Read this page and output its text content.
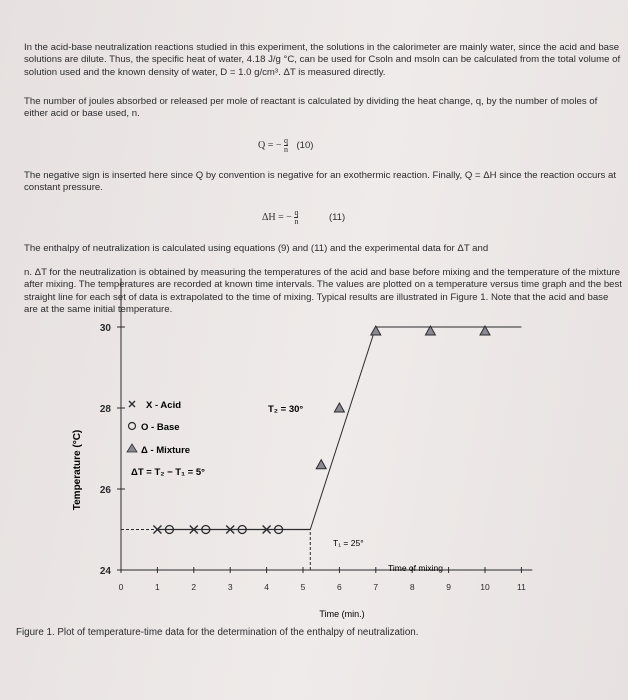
In the acid-base neutralization reactions studied in this experiment, the solutions in the calorimeter are mainly water, since the acid and base solutions are dilute. Thus, the specific heat of water, 4.18 J/g °C, can be used for Csoln and msoln can be calculated from the total volume of solution used and the known density of water, D = 1.0 g/cm³. ΔT is measured directly.
The number of joules absorbed or released per mole of reactant is calculated by dividing the heat change, q, by the number of moles of either acid or base used, n.
Q = − $\frac{q}{n} (10)$
The negative sign is inserted here since Q by convention is negative for an exothermic reaction. Finally, Q = ΔH since the reaction occurs at constant pressure.
ΔH = − $\frac{q}{n}$	(11)
The enthalpy of neutralization is calculated using equations (9) and (11) and the experimental data for ΔT and
n. ΔT for the neutralization is obtained by measuring the temperatures of the acid and base before mixing and the temperature of the mixture after mixing. The temperatures are recorded at known time intervals. The values are plotted on a temperature versus time graph and the best straight line for each set of data is extrapolated to the time of mixing. Typical results are illustrated in Figure 1. Note that the acid and base are at the same initial temperature.
24
26
28
30
0	1	2	3	4	5	6	7	8	9	10	11
Temperature (°C)
Time (min.)
X - Acid
O - Base
Δ - Mixture
ΔT = T₂ − T₁ = 5°
T₂ = 30°
T₁ = 25°
Time of mixing
Figure 1. Plot of temperature-time data for the determination of the enthalpy of neutralization.
